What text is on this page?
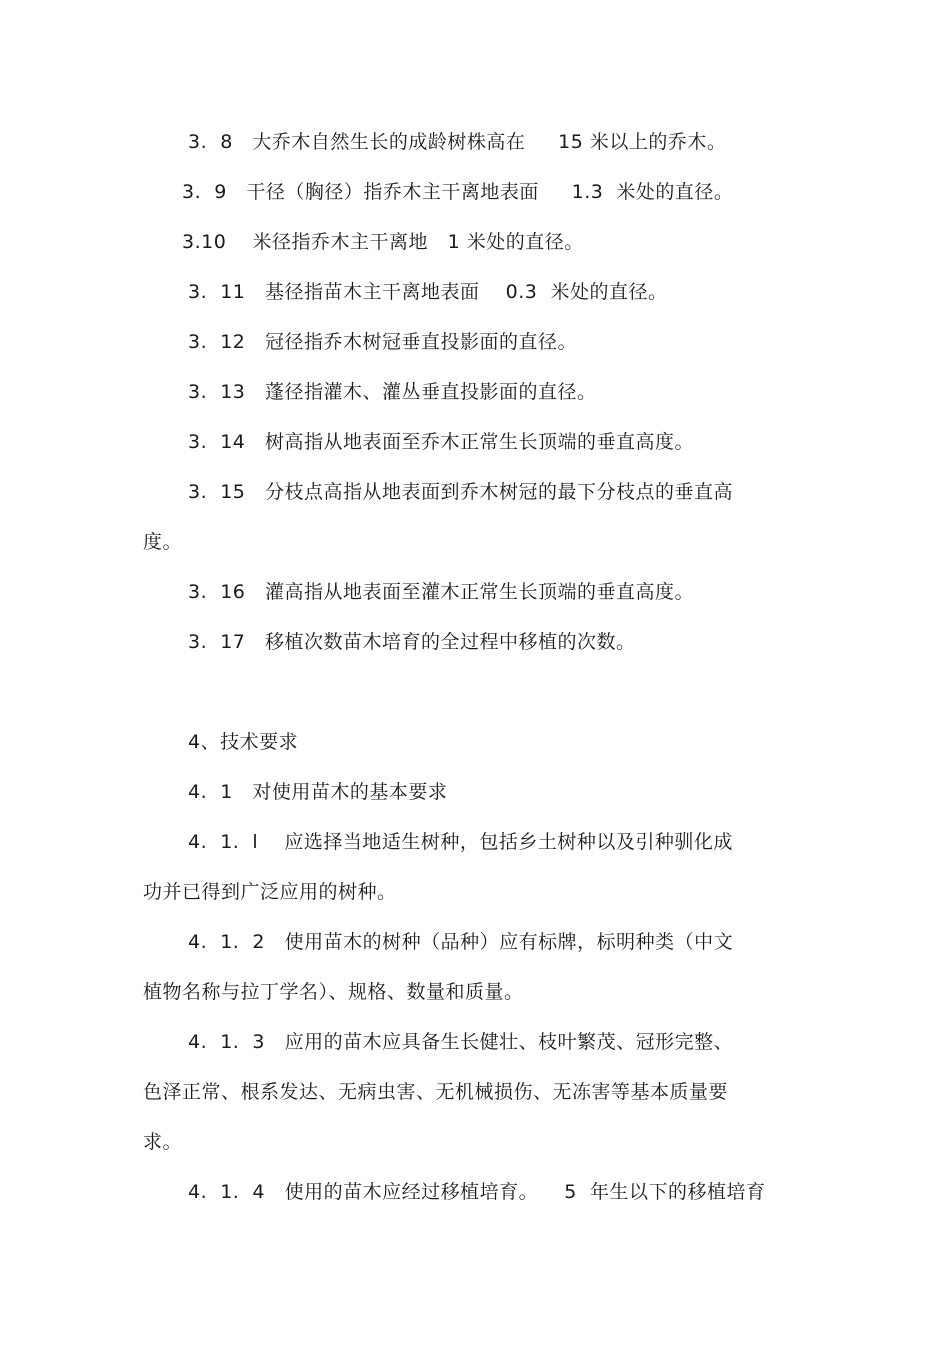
3.  8   大乔木自然生长的成龄树株高在     15 米以上的乔木。
3.  9   干径（胸径）指乔木主干离地表面     1.3  米处的直径。
3.10    米径指乔木主干离地   1 米处的直径。
3.  11   基径指苗木主干离地表面    0.3  米处的直径。
3.  12   冠径指乔木树冠垂直投影面的直径。
3.  13   蓬径指灌木、灌丛垂直投影面的直径。
3.  14   树高指从地表面至乔木正常生长顶端的垂直高度。
3.  15   分枝点高指从地表面到乔木树冠的最下分枝点的垂直高
度。
3.  16   灌高指从地表面至灌木正常生长顶端的垂直高度。
3.  17   移植次数苗木培育的全过程中移植的次数。
4、技术要求
4.  1   对使用苗木的基本要求
4.  1.  l    应选择当地适生树种，包括乡土树种以及引种驯化成
功并已得到广泛应用的树种。
4.  1.  2   使用苗木的树种（品种）应有标牌，标明种类（中文
植物名称与拉丁学名）、规格、数量和质量。
4.  1.  3   应用的苗木应具备生长健壮、枝叶繁茂、冠形完整、
色泽正常、根系发达、无病虫害、无机械损伤、无冻害等基本质量要
求。
4.  1.  4   使用的苗木应经过移植培育。    5  年生以下的移植培育
